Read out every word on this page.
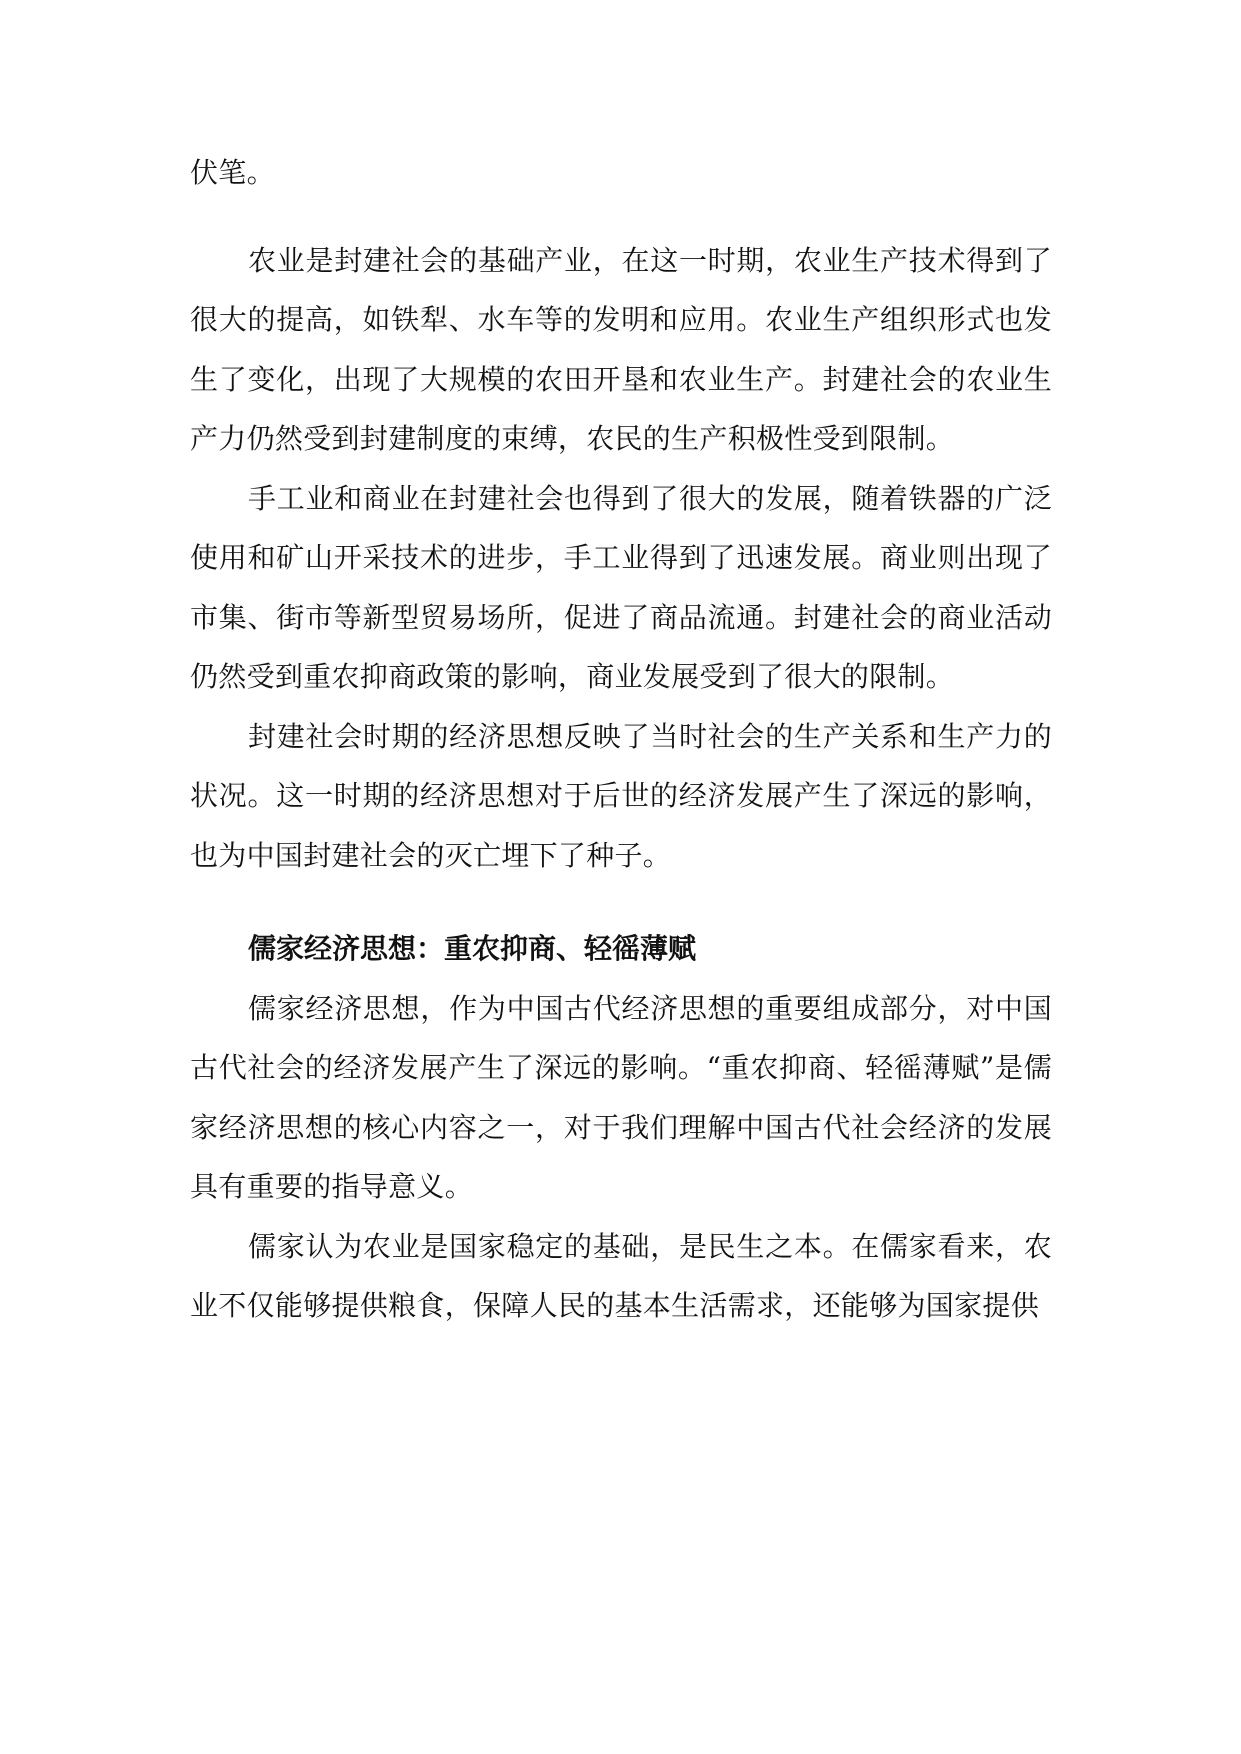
伏笔。

农业是封建社会的基础产业，在这一时期，农业生产技术得到了很大的提高，如铁犁、水车等的发明和应用。农业生产组织形式也发生了变化，出现了大规模的农田开垦和农业生产。封建社会的农业生产力仍然受到封建制度的束缚，农民的生产积极性受到限制。

手工业和商业在封建社会也得到了很大的发展，随着铁器的广泛使用和矿山开采技术的进步，手工业得到了迅速发展。商业则出现了市集、街市等新型贸易场所，促进了商品流通。封建社会的商业活动仍然受到重农抑商政策的影响，商业发展受到了很大的限制。

封建社会时期的经济思想反映了当时社会的生产关系和生产力的状况。这一时期的经济思想对于后世的经济发展产生了深远的影响，也为中国封建社会的灭亡埋下了种子。

儒家经济思想：重农抑商、轻徭薄赋

儒家经济思想，作为中国古代经济思想的重要组成部分，对中国古代社会的经济发展产生了深远的影响。“重农抑商、轻徭薄赋”是儒家经济思想的核心内容之一，对于我们理解中国古代社会经济的发展具有重要的指导意义。

儒家认为农业是国家稳定的基础，是民生之本。在儒家看来，农业不仅能够提供粮食，保障人民的基本生活需求，还能够为国家提供
